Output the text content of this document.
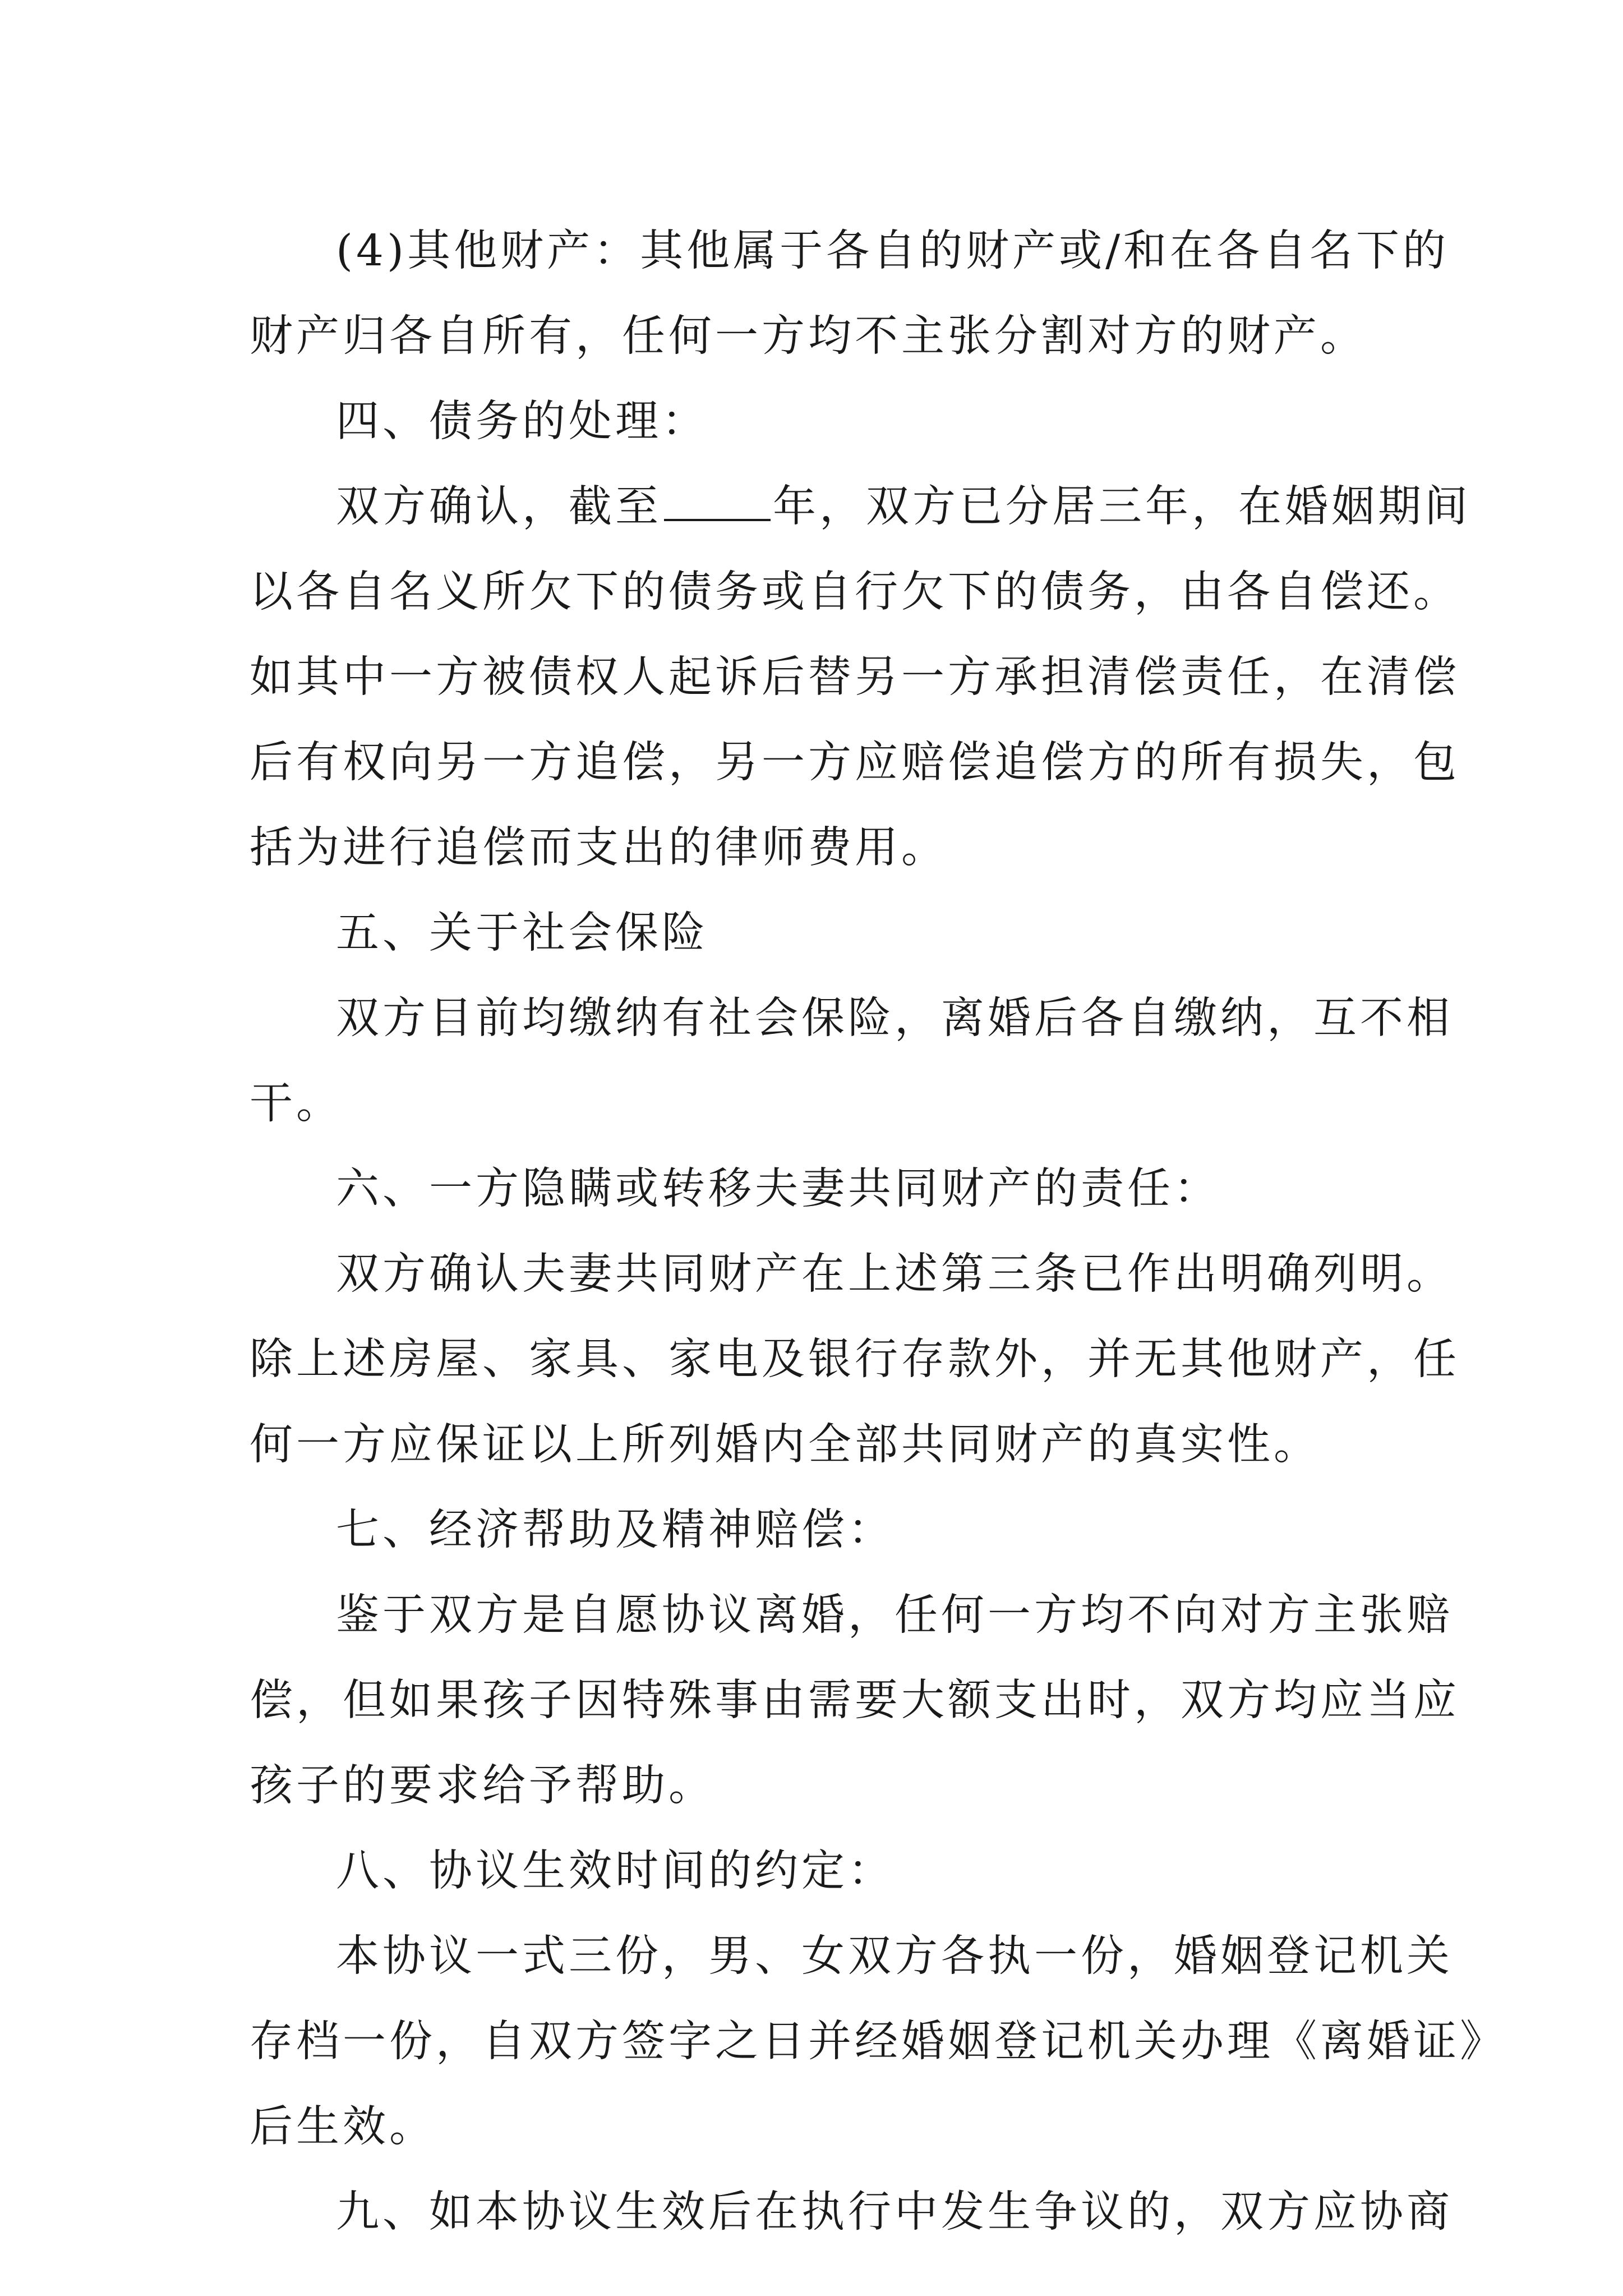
(4)其他财产：其他属于各自的财产或/和在各自名下的
财产归各自所有，任何一方均不主张分割对方的财产。
四、债务的处理：
双方确认，截至	年，双方已分居三年，在婚姻期间
以各自名义所欠下的债务或自行欠下的债务，由各自偿还。
如其中一方被债权人起诉后替另一方承担清偿责任，在清偿
后有权向另一方追偿，另一方应赔偿追偿方的所有损失，包
括为进行追偿而支出的律师费用。
五、关于社会保险
双方目前均缴纳有社会保险，离婚后各自缴纳，互不相
干。
六、一方隐瞒或转移夫妻共同财产的责任：
双方确认夫妻共同财产在上述第三条已作出明确列明。
除上述房屋、家具、家电及银行存款外，并无其他财产，任
何一方应保证以上所列婚内全部共同财产的真实性。
七、经济帮助及精神赔偿：
鉴于双方是自愿协议离婚，任何一方均不向对方主张赔
偿，但如果孩子因特殊事由需要大额支出时，双方均应当应
孩子的要求给予帮助。
八、协议生效时间的约定：
本协议一式三份，男、女双方各执一份，婚姻登记机关
存档一份，自双方签字之日并经婚姻登记机关办理《离婚证》
后生效。
九、如本协议生效后在执行中发生争议的，双方应协商
